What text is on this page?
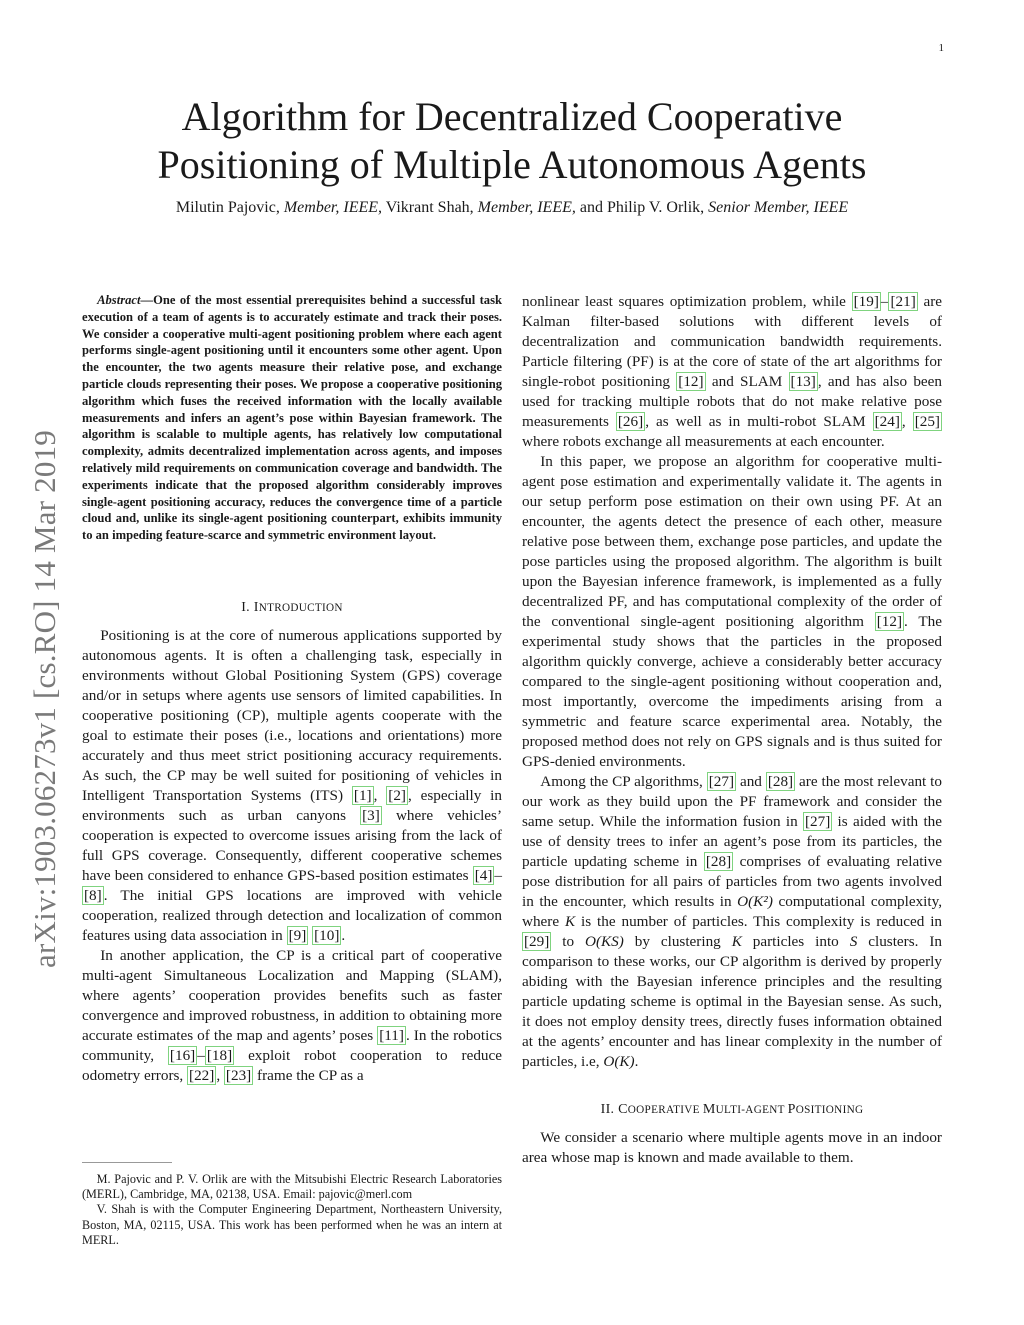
1
arXiv:1903.06273v1 [cs.RO] 14 Mar 2019
Algorithm for Decentralized Cooperative
Positioning of Multiple Autonomous Agents
Milutin Pajovic, Member, IEEE, Vikrant Shah, Member, IEEE, and Philip V. Orlik, Senior Member, IEEE

Abstract—One of the most essential prerequisites behind a successful task execution of a team of agents is to accurately estimate and track their poses. We consider a cooperative multi-agent positioning problem where each agent performs single-agent positioning until it encounters some other agent. Upon the encounter, the two agents measure their relative pose, and exchange particle clouds representing their poses. We propose a cooperative positioning algorithm which fuses the received information with the locally available measurements and infers an agent’s pose within Bayesian framework. The algorithm is scalable to multiple agents, has relatively low computational complexity, admits decentralized implementation across agents, and imposes relatively mild requirements on communication coverage and bandwidth. The experiments indicate that the proposed algorithm considerably improves single-agent positioning accuracy, reduces the convergence time of a particle cloud and, unlike its single-agent positioning counterpart, exhibits immunity to an impeding feature-scarce and symmetric environment layout.

I. INTRODUCTION

Positioning is at the core of numerous applications supported by autonomous agents. It is often a challenging task, especially in environments without Global Positioning System (GPS) coverage and/or in setups where agents use sensors of limited capabilities. In cooperative positioning (CP), multiple agents cooperate with the goal to estimate their poses (i.e., locations and orientations) more accurately and thus meet strict positioning accuracy requirements. As such, the CP may be well suited for positioning of vehicles in Intelligent Transportation Systems (ITS) [1] , [2] , especially in environments such as urban canyons [3] where vehicles’ cooperation is expected to overcome issues arising from the lack of full GPS coverage. Consequently, different cooperative schemes have been considered to enhance GPS-based position estimates [4] –[8] . The initial GPS locations are improved with vehicle cooperation, realized through detection and localization of common features using data association in [9] [10] .

In another application, the CP is a critical part of cooperative multi-agent Simultaneous Localization and Mapping (SLAM), where agents’ cooperation provides benefits such as faster convergence and improved robustness, in addition to obtaining more accurate estimates of the map and agents’ poses [11] . In the robotics community, [16] – [18] exploit robot cooperation to reduce odometry errors, [22] , [23] frame the CP as a

M. Pajovic and P. V. Orlik are with the Mitsubishi Electric Research Laboratories (MERL), Cambridge, MA, 02138, USA. Email: pajovic@merl.com

V. Shah is with the Computer Engineering Department, Northeastern University, Boston, MA, 02115, USA. This work has been performed when he was an intern at MERL.

nonlinear least squares optimization problem, while [19] – [21] are Kalman filter-based solutions with different levels of decentralization and communication bandwidth requirements. Particle filtering (PF) is at the core of state of the art algorithms for single-robot positioning [12] and SLAM [13] , and has also been used for tracking multiple robots that do not make relative pose measurements [26] , as well as in multi-robot SLAM [24] , [25] where robots exchange all measurements at each encounter.

In this paper, we propose an algorithm for cooperative multi-agent pose estimation and experimentally validate it. The agents in our setup perform pose estimation on their own using PF. At an encounter, the agents detect the presence of each other, measure relative pose between them, exchange pose particles, and update the pose particles using the proposed algorithm. The algorithm is built upon the Bayesian inference framework, is implemented as a fully decentralized PF, and has computational complexity of the order of the conventional single-agent positioning algorithm [12] . The experimental study shows that the particles in the proposed algorithm quickly converge, achieve a considerably better accuracy compared to the single-agent positioning without cooperation and, most importantly, overcome the impediments arising from a symmetric and feature scarce experimental area. Notably, the proposed method does not rely on GPS signals and is thus suited for GPS-denied environments.

Among the CP algorithms, [27] and [28] are the most relevant to our work as they build upon the PF framework and consider the same setup. While the information fusion in [27] is aided with the use of density trees to infer an agent’s pose from its particles, the particle updating scheme in [28] comprises of evaluating relative pose distribution for all pairs of particles from two agents involved in the encounter, which results in O(K²) computational complexity, where K is the number of particles. This complexity is reduced in [29] to O(KS) by clustering K particles into S clusters. In comparison to these works, our CP algorithm is derived by properly abiding with the Bayesian inference principles and the resulting particle updating scheme is optimal in the Bayesian sense. As such, it does not employ density trees, directly fuses information obtained at the agents’ encounter and has linear complexity in the number of particles, i.e, O(K).

II. COOPERATIVE MULTI-AGENT POSITIONING

We consider a scenario where multiple agents move in an indoor area whose map is known and made available to them.
